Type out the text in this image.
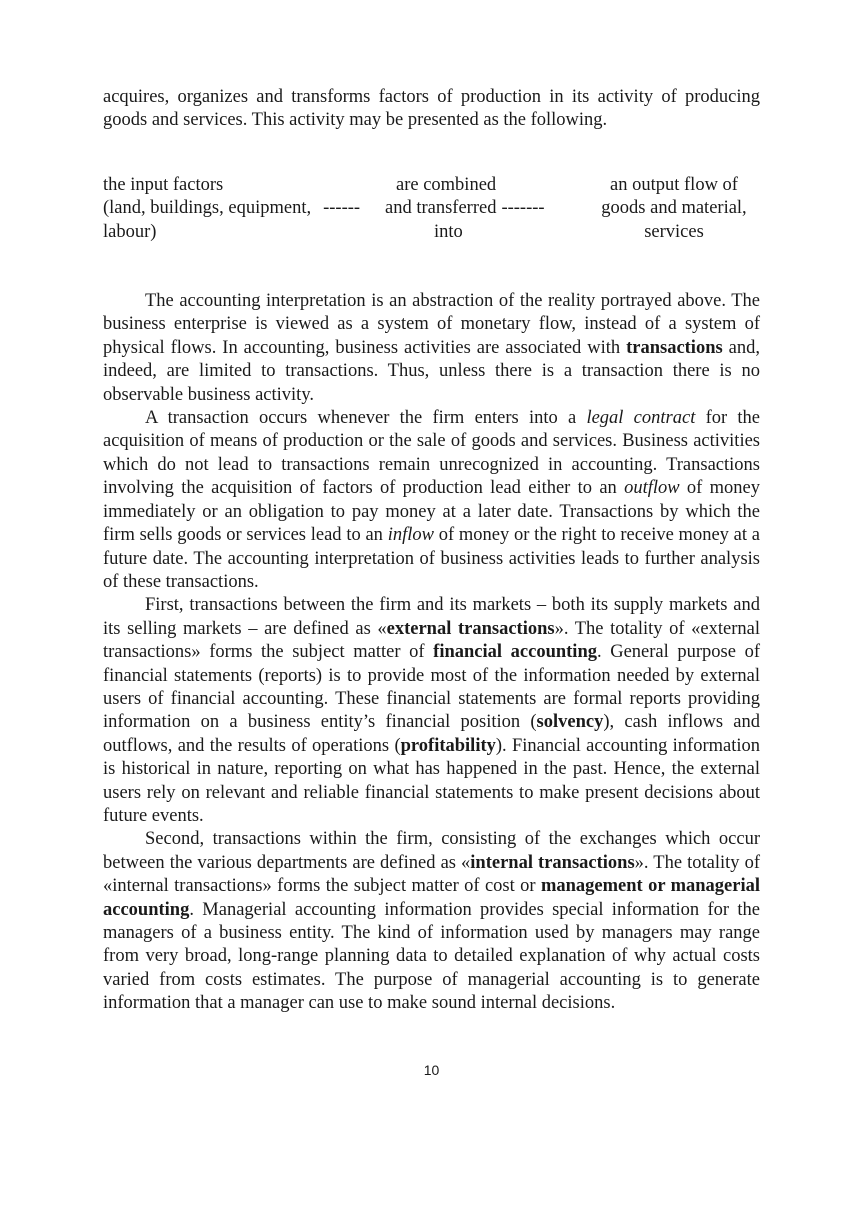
acquires, organizes and transforms factors of production in its activity of producing goods and services. This activity may be presented as the following.
the input factors
(land, buildings, equipment, ------
labour)
are combined
and transferred -------
into
an output flow of
goods and material,
services

The accounting interpretation is an abstraction of the reality portrayed above. The business enterprise is viewed as a system of monetary flow, instead of a system of physical flows. In accounting, business activities are associated with transactions and, indeed, are limited to transactions. Thus, unless there is a transaction there is no observable business activity.

A transaction occurs whenever the firm enters into a legal contract for the acquisition of means of production or the sale of goods and services. Business activities which do not lead to transactions remain unrecognized in accounting. Transactions involving the acquisition of factors of production lead either to an outflow of money immediately or an obligation to pay money at a later date. Transactions by which the firm sells goods or services lead to an inflow of money or the right to receive money at a future date. The accounting interpretation of business activities leads to further analysis of these transactions.

First, transactions between the firm and its markets – both its supply markets and its selling markets – are defined as «external transactions». The totality of «external transactions» forms the subject matter of financial accounting. General purpose of financial statements (reports) is to provide most of the information needed by external users of financial accounting. These financial statements are formal reports providing information on a business entity’s financial position (solvency), cash inflows and outflows, and the results of operations (profitability). Financial accounting information is historical in nature, reporting on what has happened in the past. Hence, the external users rely on relevant and reliable financial statements to make present decisions about future events.

Second, transactions within the firm, consisting of the exchanges which occur between the various departments are defined as «internal transactions». The totality of «internal transactions» forms the subject matter of cost or management or managerial accounting. Managerial accounting information provides special information for the managers of a business entity. The kind of information used by managers may range from very broad, long-range planning data to detailed explanation of why actual costs varied from costs estimates. The purpose of managerial accounting is to generate information that a manager can use to make sound internal decisions.

10
